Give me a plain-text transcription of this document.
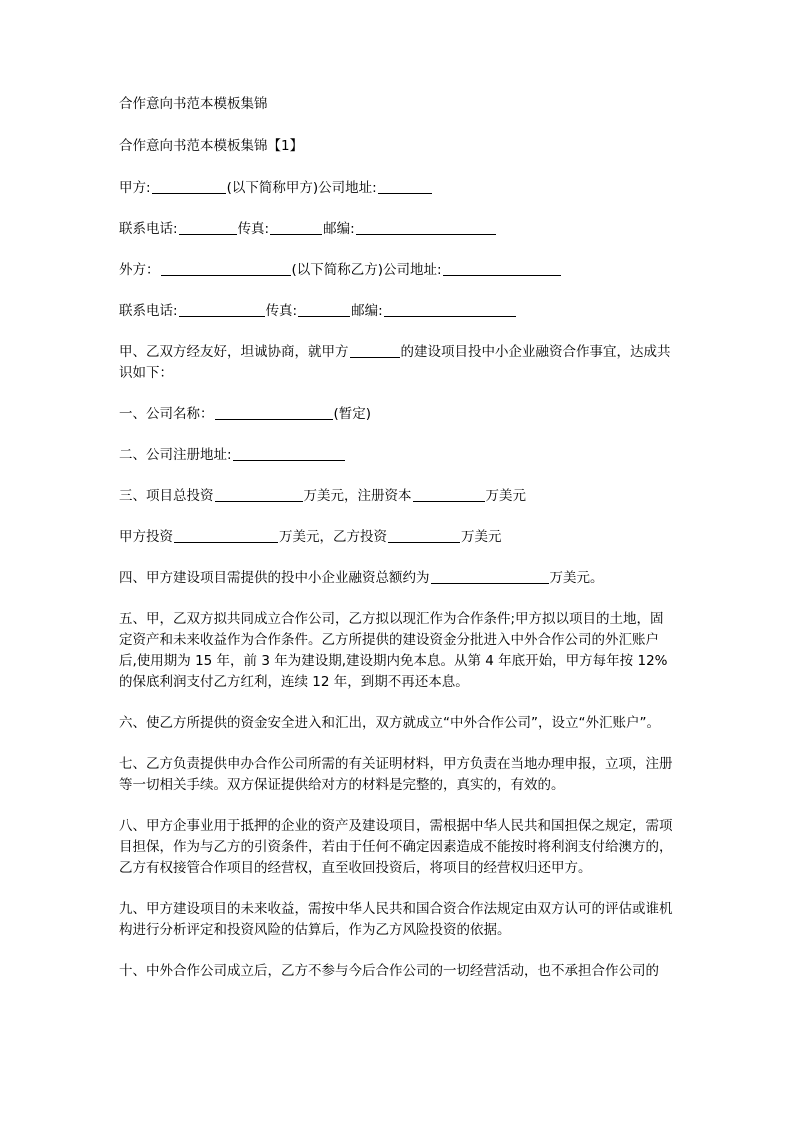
合作意向书范本模板集锦

合作意向书范本模板集锦【1】

甲方:	(以下简称甲方)公司地址:

联系电话:	传真:	邮编:

外方：	(以下简称乙方)公司地址:

联系电话:	传真:	邮编:

甲、乙双方经友好，坦诚协商，就甲方	的建设项目投中小企业融资合作事宜，达成共识如下：

一、公司名称：	(暂定)

二、公司注册地址:

三、项目总投资	万美元，注册资本	万美元

甲方投资	万美元，乙方投资	万美元

四、甲方建设项目需提供的投中小企业融资总额约为	万美元。

五、甲，乙双方拟共同成立合作公司，乙方拟以现汇作为合作条件;甲方拟以项目的土地，固定资产和未来收益作为合作条件。乙方所提供的建设资金分批进入中外合作公司的外汇账户后,使用期为 15 年，前 3 年为建设期,建设期内免本息。从第 4 年底开始，甲方每年按 12%的保底利润支付乙方红利，连续 12 年，到期不再还本息。

六、使乙方所提供的资金安全进入和汇出，双方就成立“中外合作公司”，设立“外汇账户”。

七、乙方负责提供申办合作公司所需的有关证明材料，甲方负责在当地办理申报，立项，注册等一切相关手续。双方保证提供给对方的材料是完整的，真实的，有效的。

八、甲方企事业用于抵押的企业的资产及建设项目，需根据中华人民共和国担保之规定，需项目担保，作为与乙方的引资条件，若由于任何不确定因素造成不能按时将利润支付给澳方的，乙方有权接管合作项目的经营权，直至收回投资后，将项目的经营权归还甲方。

九、甲方建设项目的未来收益，需按中华人民共和国合资合作法规定由双方认可的评估或谁机构进行分析评定和投资风险的估算后，作为乙方风险投资的依据。

十、中外合作公司成立后，乙方不参与今后合作公司的一切经营活动，也不承担合作公司的
